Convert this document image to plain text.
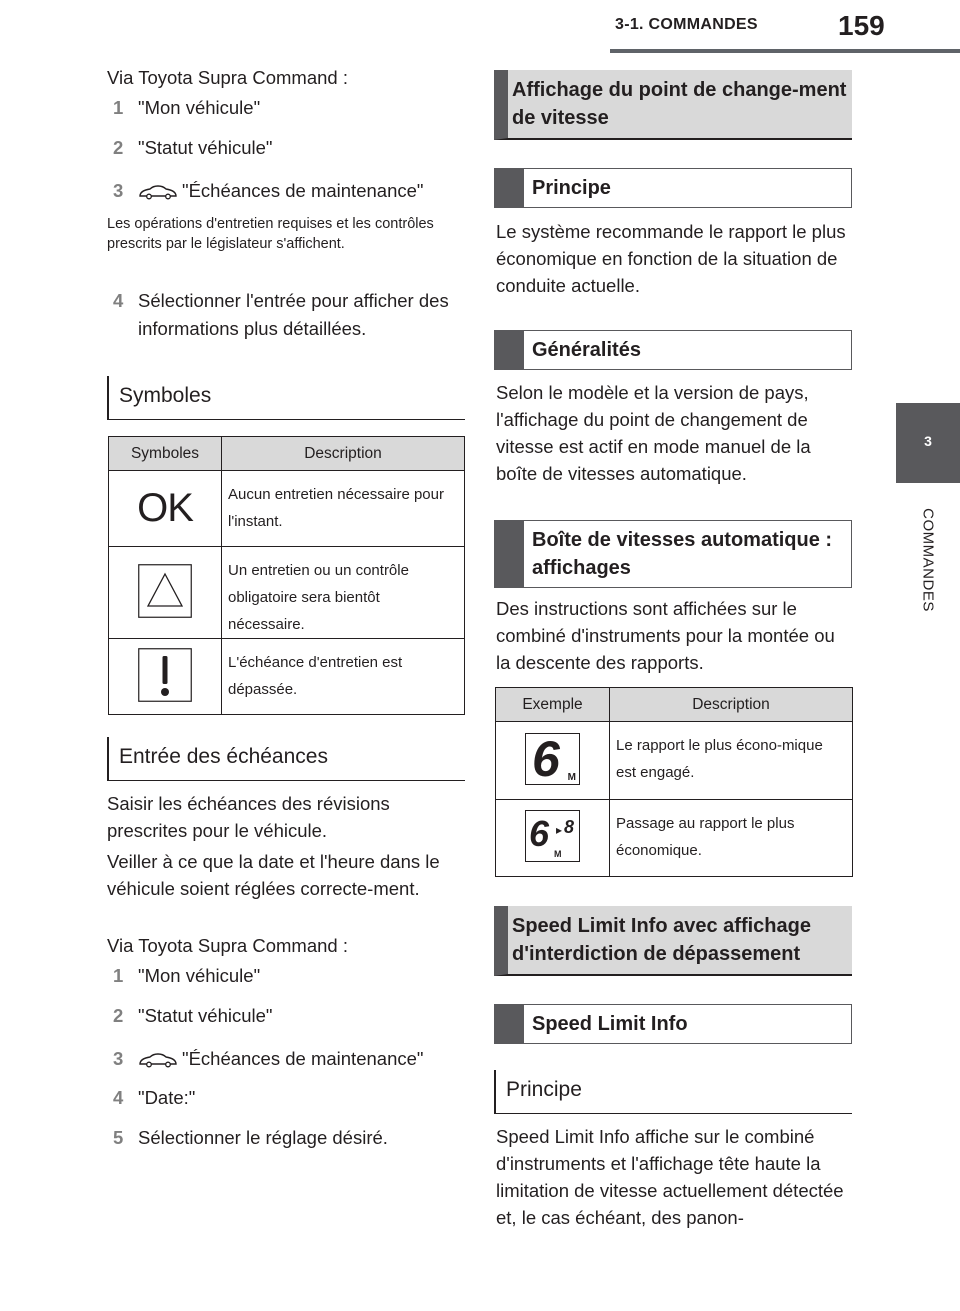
3-1. COMMANDES	159
3
COMMANDES
Via Toyota Supra Command :
1 "Mon véhicule"
2 "Statut véhicule"
3	"Échéances de maintenance"
Les opérations d'entretien requises et les contrôles prescrits par le législateur s'affichent.
4 Sélectionner l'entrée pour afficher des informations plus détaillées.
Symboles
Symboles	Description
OK	Aucun entretien nécessaire pour l'instant.
	Un entretien ou un contrôle obligatoire sera bientôt nécessaire.
	L'échéance d'entretien est dépassée.
Entrée des échéances
Saisir les échéances des révisions prescrites pour le véhicule.
Veiller à ce que la date et l'heure dans le véhicule soient réglées correcte-ment.
Via Toyota Supra Command :
1 "Mon véhicule"
2 "Statut véhicule"
3	"Échéances de maintenance"
4 "Date:"
5 Sélectionner le réglage désiré.
Affichage du point de change-ment de vitesse
Principe
Le système recommande le rapport le plus économique en fonction de la situation de conduite actuelle.
Généralités
Selon le modèle et la version de pays, l'affichage du point de changement de vitesse est actif en mode manuel de la boîte de vitesses automatique.
Boîte de vitesses automatique : affichages
Des instructions sont affichées sur le combiné d'instruments pour la montée ou la descente des rapports.
Exemple	Description

6 M	Le rapport le plus écono-mique est engagé.

6 ▸ 8
M	Passage au rapport le plus économique.
Speed Limit Info avec affichage d'interdiction de dépassement
Speed Limit Info
Principe
Speed Limit Info affiche sur le combiné d'instruments et l'affichage tête haute la limitation de vitesse actuellement détectée et, le cas échéant, des panon-
